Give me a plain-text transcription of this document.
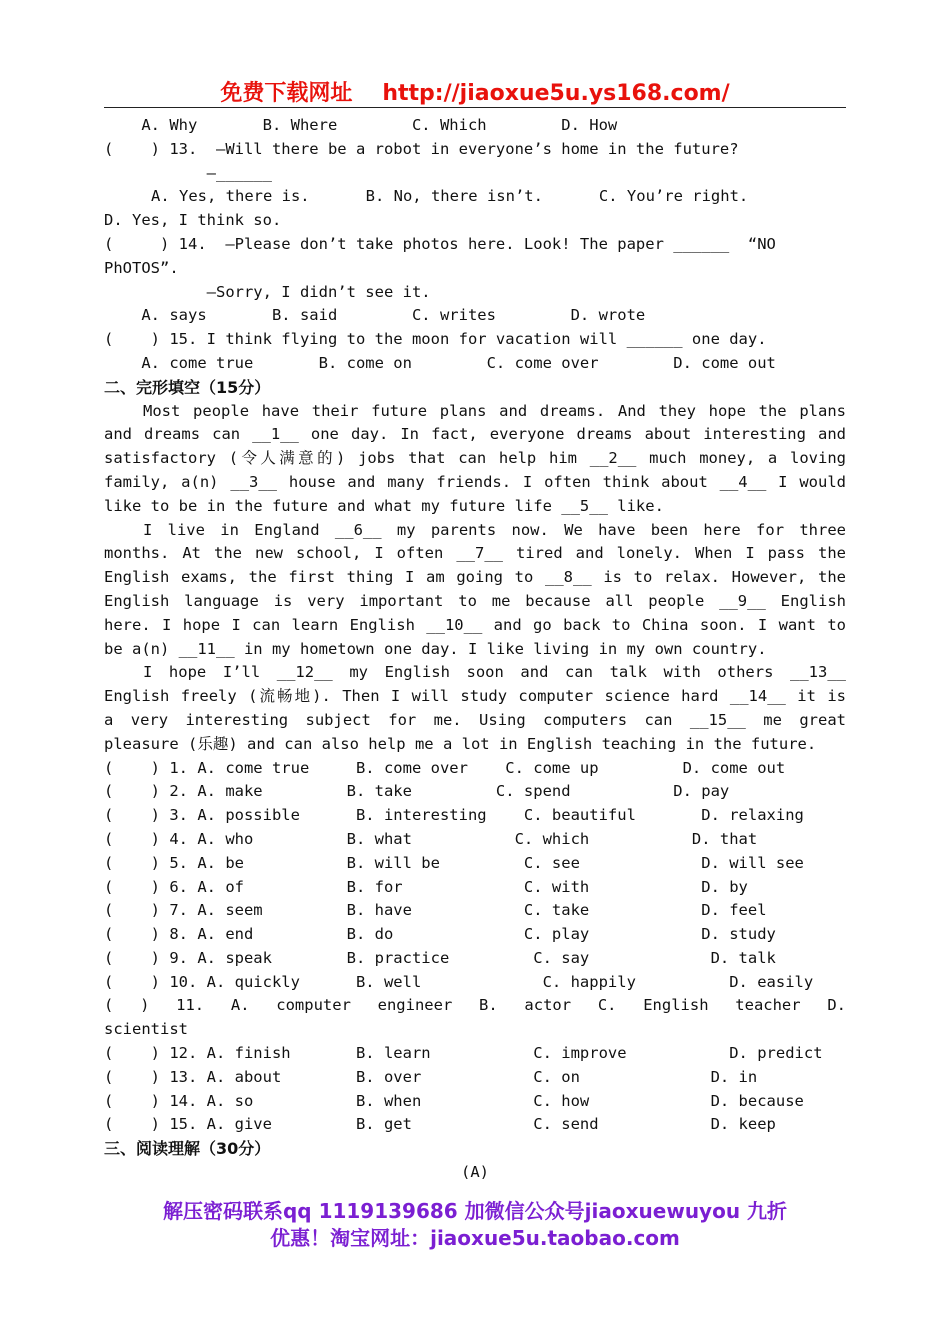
免费下载网址 http://jiaoxue5u.ys168.com/
A. Why       B. Where        C. Which        D. How
(    ) 13.  –Will there be a robot in everyone’s home in the future?
–______
A. Yes, there is.      B. No, there isn’t.      C. You’re right.
D. Yes, I think so.
(     ) 14.  –Please don’t take photos here. Look! The paper ______  “NO
PhOTOS”.
–Sorry, I didn’t see it.
A. says       B. said        C. writes        D. wrote
(    ) 15. I think flying to the moon for vacation will ______ one day.
A. come true       B. come on        C. come over        D. come out
二、完形填空（15分）
Most people have their future plans and dreams. And they hope the plans
and dreams can __1__ one day. In fact, everyone dreams about interesting and
satisfactory (令人满意的) jobs that can help him __2__ much money, a loving
family, a(n) __3__ house and many friends. I often think about __4__ I would
like to be in the future and what my future life __5__ like.
I live in England __6__ my parents now. We have been here for three
months. At the new school, I often __7__ tired and lonely. When I pass the
English exams, the first thing I am going to __8__ is to relax. However, the
English language is very important to me because all people __9__ English
here. I hope I can learn English __10__ and go back to China soon. I want to
be a(n) __11__ in my hometown one day. I like living in my own country.
I hope I’ll __12__ my English soon and can talk with others __13__
English freely (流畅地). Then I will study computer science hard __14__ it is
a very interesting subject for me. Using computers can __15__ me great
pleasure (乐趣) and can also help me a lot in English teaching in the future.
(    ) 1. A. come true     B. come over    C. come up         D. come out
(    ) 2. A. make         B. take         C. spend           D. pay
(    ) 3. A. possible      B. interesting    C. beautiful       D. relaxing
(    ) 4. A. who          B. what           C. which           D. that
(    ) 5. A. be           B. will be         C. see             D. will see
(    ) 6. A. of           B. for             C. with            D. by
(    ) 7. A. seem         B. have            C. take            D. feel
(    ) 8. A. end          B. do              C. play            D. study
(    ) 9. A. speak        B. practice         C. say             D. talk
(    ) 10. A. quickly      B. well             C. happily          D. easily
( ) 11. A. computer engineer B. actor C. English teacher D.
scientist
(    ) 12. A. finish       B. learn           C. improve           D. predict
(    ) 13. A. about        B. over            C. on              D. in
(    ) 14. A. so           B. when            C. how             D. because
(    ) 15. A. give         B. get             C. send            D. keep
三、阅读理解（30分）
(A)
解压密码联系qq 1119139686 加微信公众号jiaoxuewuyou 九折
优惠！淘宝网址：jiaoxue5u.taobao.com
